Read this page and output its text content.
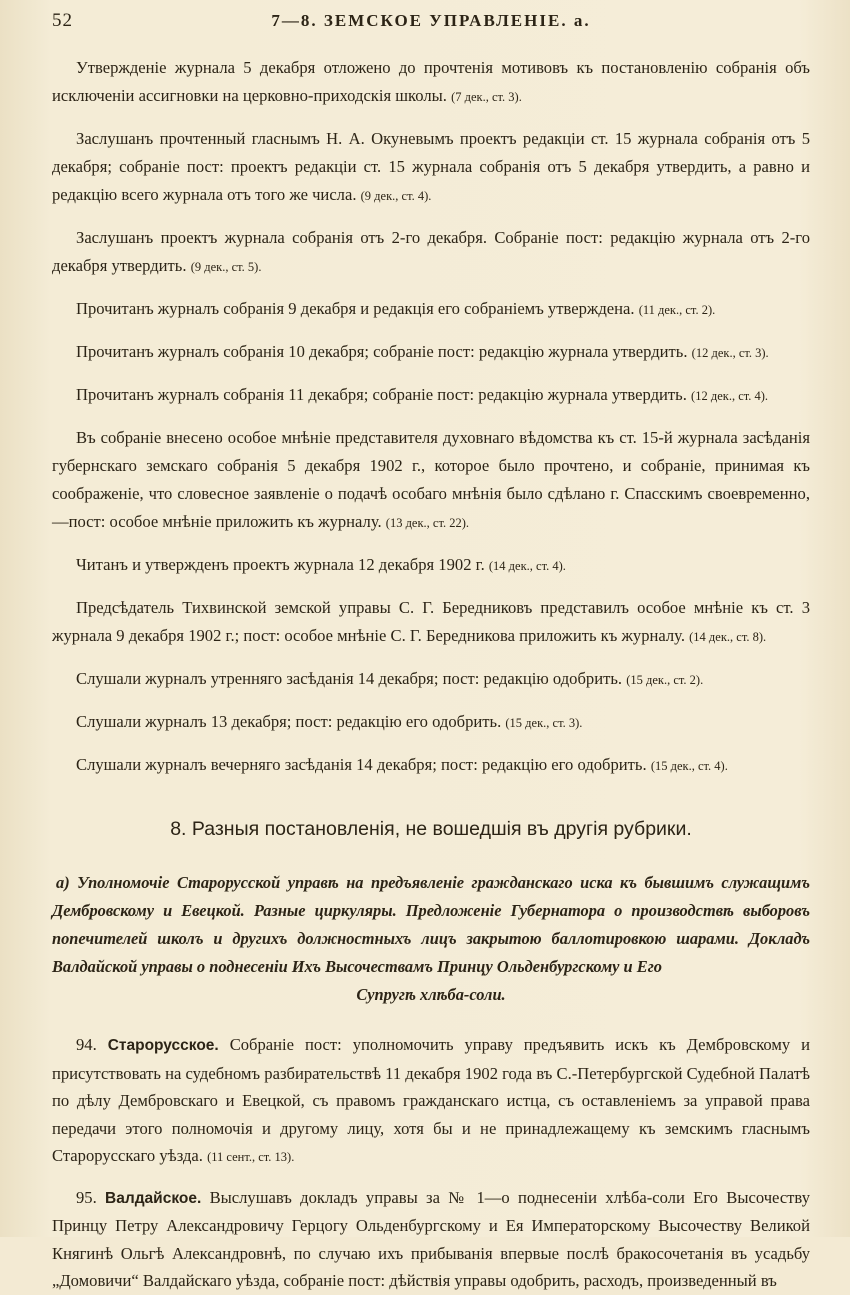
52	7—8. ЗЕМСКОЕ УПРАВЛЕНІЕ. а.

Утвержденіе журнала 5 декабря отложено до прочтенія мотивовъ къ постановленію собранія объ исключеніи ассигновки на церковно-приходскія школы. (7 дек., ст. 3).

Заслушанъ прочтенный гласнымъ Н. А. Окуневымъ проектъ редакціи ст. 15 журнала собранія отъ 5 декабря; собраніе пост: проектъ редакціи ст. 15 журнала собранія отъ 5 декабря утвердить, а равно и редакцію всего журнала отъ того же числа. (9 дек., ст. 4).

Заслушанъ проектъ журнала собранія отъ 2-го декабря. Собраніе пост: редакцію журнала отъ 2-го декабря утвердить. (9 дек., ст. 5).

Прочитанъ журналъ собранія 9 декабря и редакція его собраніемъ утверждена. (11 дек., ст. 2).

Прочитанъ журналъ собранія 10 декабря; собраніе пост: редакцію журнала утвердить. (12 дек., ст. 3).

Прочитанъ журналъ собранія 11 декабря; собраніе пост: редакцію журнала утвердить. (12 дек., ст. 4).

Въ собраніе внесено особое мнѣніе представителя духовнаго вѣдомства къ ст. 15-й журнала засѣданія губернскаго земскаго собранія 5 декабря 1902 г., которое было прочтено, и собраніе, принимая къ соображеніе, что словесное заявленіе о подачѣ особаго мнѣнія было сдѣлано г. Спасскимъ своевременно,—пост: особое мнѣніе приложить къ журналу. (13 дек., ст. 22).

Читанъ и утвержденъ проектъ журнала 12 декабря 1902 г. (14 дек., ст. 4).

Предсѣдатель Тихвинской земской управы С. Г. Бередниковъ представилъ особое мнѣніе къ ст. 3 журнала 9 декабря 1902 г.; пост: особое мнѣніе С. Г. Бередникова приложить къ журналу. (14 дек., ст. 8).

Слушали журналъ утренняго засѣданія 14 декабря; пост: редакцію одобрить. (15 дек., ст. 2).

Слушали журналъ 13 декабря; пост: редакцію его одобрить. (15 дек., ст. 3).

Слушали журналъ вечерняго засѣданія 14 декабря; пост: редакцію его одобрить. (15 дек., ст. 4).

8. Разныя постановленія, не вошедшія въ другія рубрики.

а) Уполномочіе Старорусской управѣ на предъявленіе гражданскаго иска къ бывшимъ служащимъ Дембровскому и Евецкой. Разные циркуляры. Предложеніе Губернатора о производствѣ выборовъ попечителей школъ и другихъ должностныхъ лицъ закрытою баллотировкою шарами. Докладъ Валдайской управы о поднесеніи Ихъ Высочествамъ Принцу Ольденбургскому и Его
Супругѣ хлѣба-соли.

94. Старорусское. Собраніе пост: уполномочить управу предъявить искъ къ Дембровскому и присутствовать на судебномъ разбирательствѣ 11 декабря 1902 года въ С.-Петербургской Судебной Палатѣ по дѣлу Дембровскаго и Евецкой, съ правомъ гражданскаго истца, съ оставленіемъ за управой права передачи этого полномочія и другому лицу, хотя бы и не принадлежащему къ земскимъ гласнымъ Старорусскаго уѣзда. (11 сент., ст. 13).

95. Валдайское. Выслушавъ докладъ управы за № 1—о поднесеніи хлѣба-соли Его Высочеству Принцу Петру Александровичу Герцогу Ольденбургскому и Ея Императорскому Высочеству Великой Княгинѣ Ольгѣ Александровнѣ, по случаю ихъ прибыванія впервые послѣ бракосочетанія въ усадьбу „Домовичи“ Валдайскаго уѣзда, собраніе пост: дѣйствія управы одобрить, расходъ, произведенный въ
